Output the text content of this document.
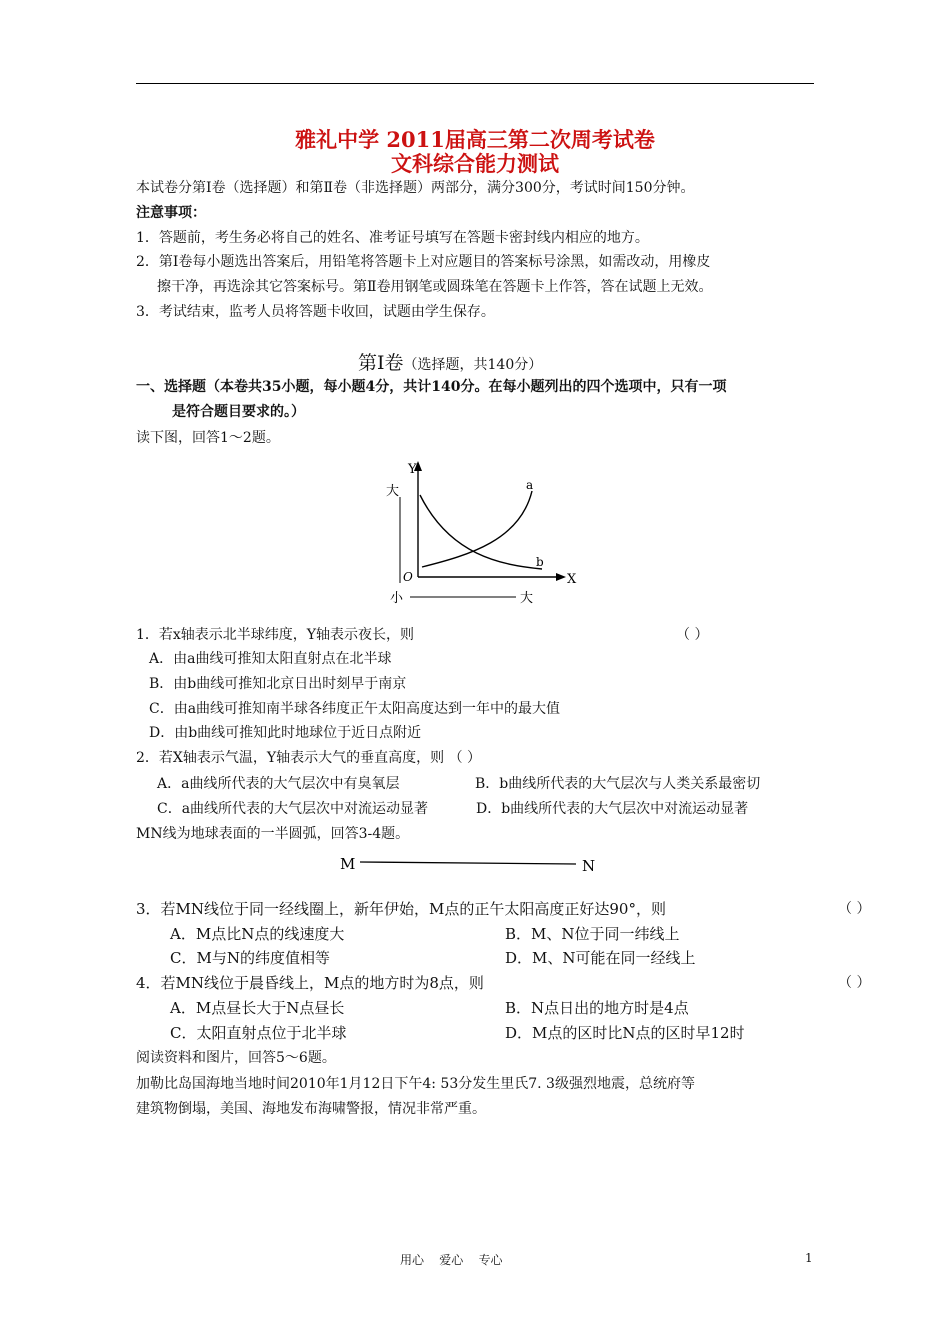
雅礼中学 2011届高三第二次周考试卷
文科综合能力测试
本试卷分第Ⅰ卷（选择题）和第Ⅱ卷（非选择题）两部分，满分300分，考试时间150分钟。
注意事项：
1．答题前，考生务必将自己的姓名、准考证号填写在答题卡密封线内相应的地方。
2．第Ⅰ卷每小题选出答案后，用铅笔将答题卡上对应题目的答案标号涂黑，如需改动，用橡皮
擦干净，再选涂其它答案标号。第Ⅱ卷用钢笔或圆珠笔在答题卡上作答，答在试题上无效。
3．考试结束，监考人员将答题卡收回，试题由学生保存。
第Ⅰ卷（选择题，共140分）
一、选择题（本卷共35小题，每小题4分，共计140分。在每小题列出的四个选项中，只有一项
是符合题目要求的。）
读下图，回答1～2题。
Y
X
O
大
小	大
a
b
1．若x轴表示北半球纬度，Y轴表示夜长，则	（ ）
A．由a曲线可推知太阳直射点在北半球
B．由b曲线可推知北京日出时刻早于南京
C．由a曲线可推知南半球各纬度正午太阳高度达到一年中的最大值
D．由b曲线可推知此时地球位于近日点附近
2．若X轴表示气温，Y轴表示大气的垂直高度，则 （ ）
A．a曲线所代表的大气层次中有臭氧层	B．b曲线所代表的大气层次与人类关系最密切
C．a曲线所代表的大气层次中对流运动显著	D．b曲线所代表的大气层次中对流运动显著
MN线为地球表面的一半圆弧，回答3-4题。
M	N
3．若MN线位于同一经线圈上，新年伊始，M点的正午太阳高度正好达90°，则	（ ）
A．M点比N点的线速度大	B．M、N位于同一纬线上
C．M与N的纬度值相等	D．M、N可能在同一经线上
4．若MN线位于晨昏线上，M点的地方时为8点，则	（ ）
A．M点昼长大于N点昼长	B．N点日出的地方时是4点
C．太阳直射点位于北半球	D．M点的区时比N点的区时早12时
阅读资料和图片，回答5～6题。
加勒比岛国海地当地时间2010年1月12日下午4: 53分发生里氏7. 3级强烈地震，总统府等
建筑物倒塌，美国、海地发布海啸警报，情况非常严重。
用心    爱心    专心	1
